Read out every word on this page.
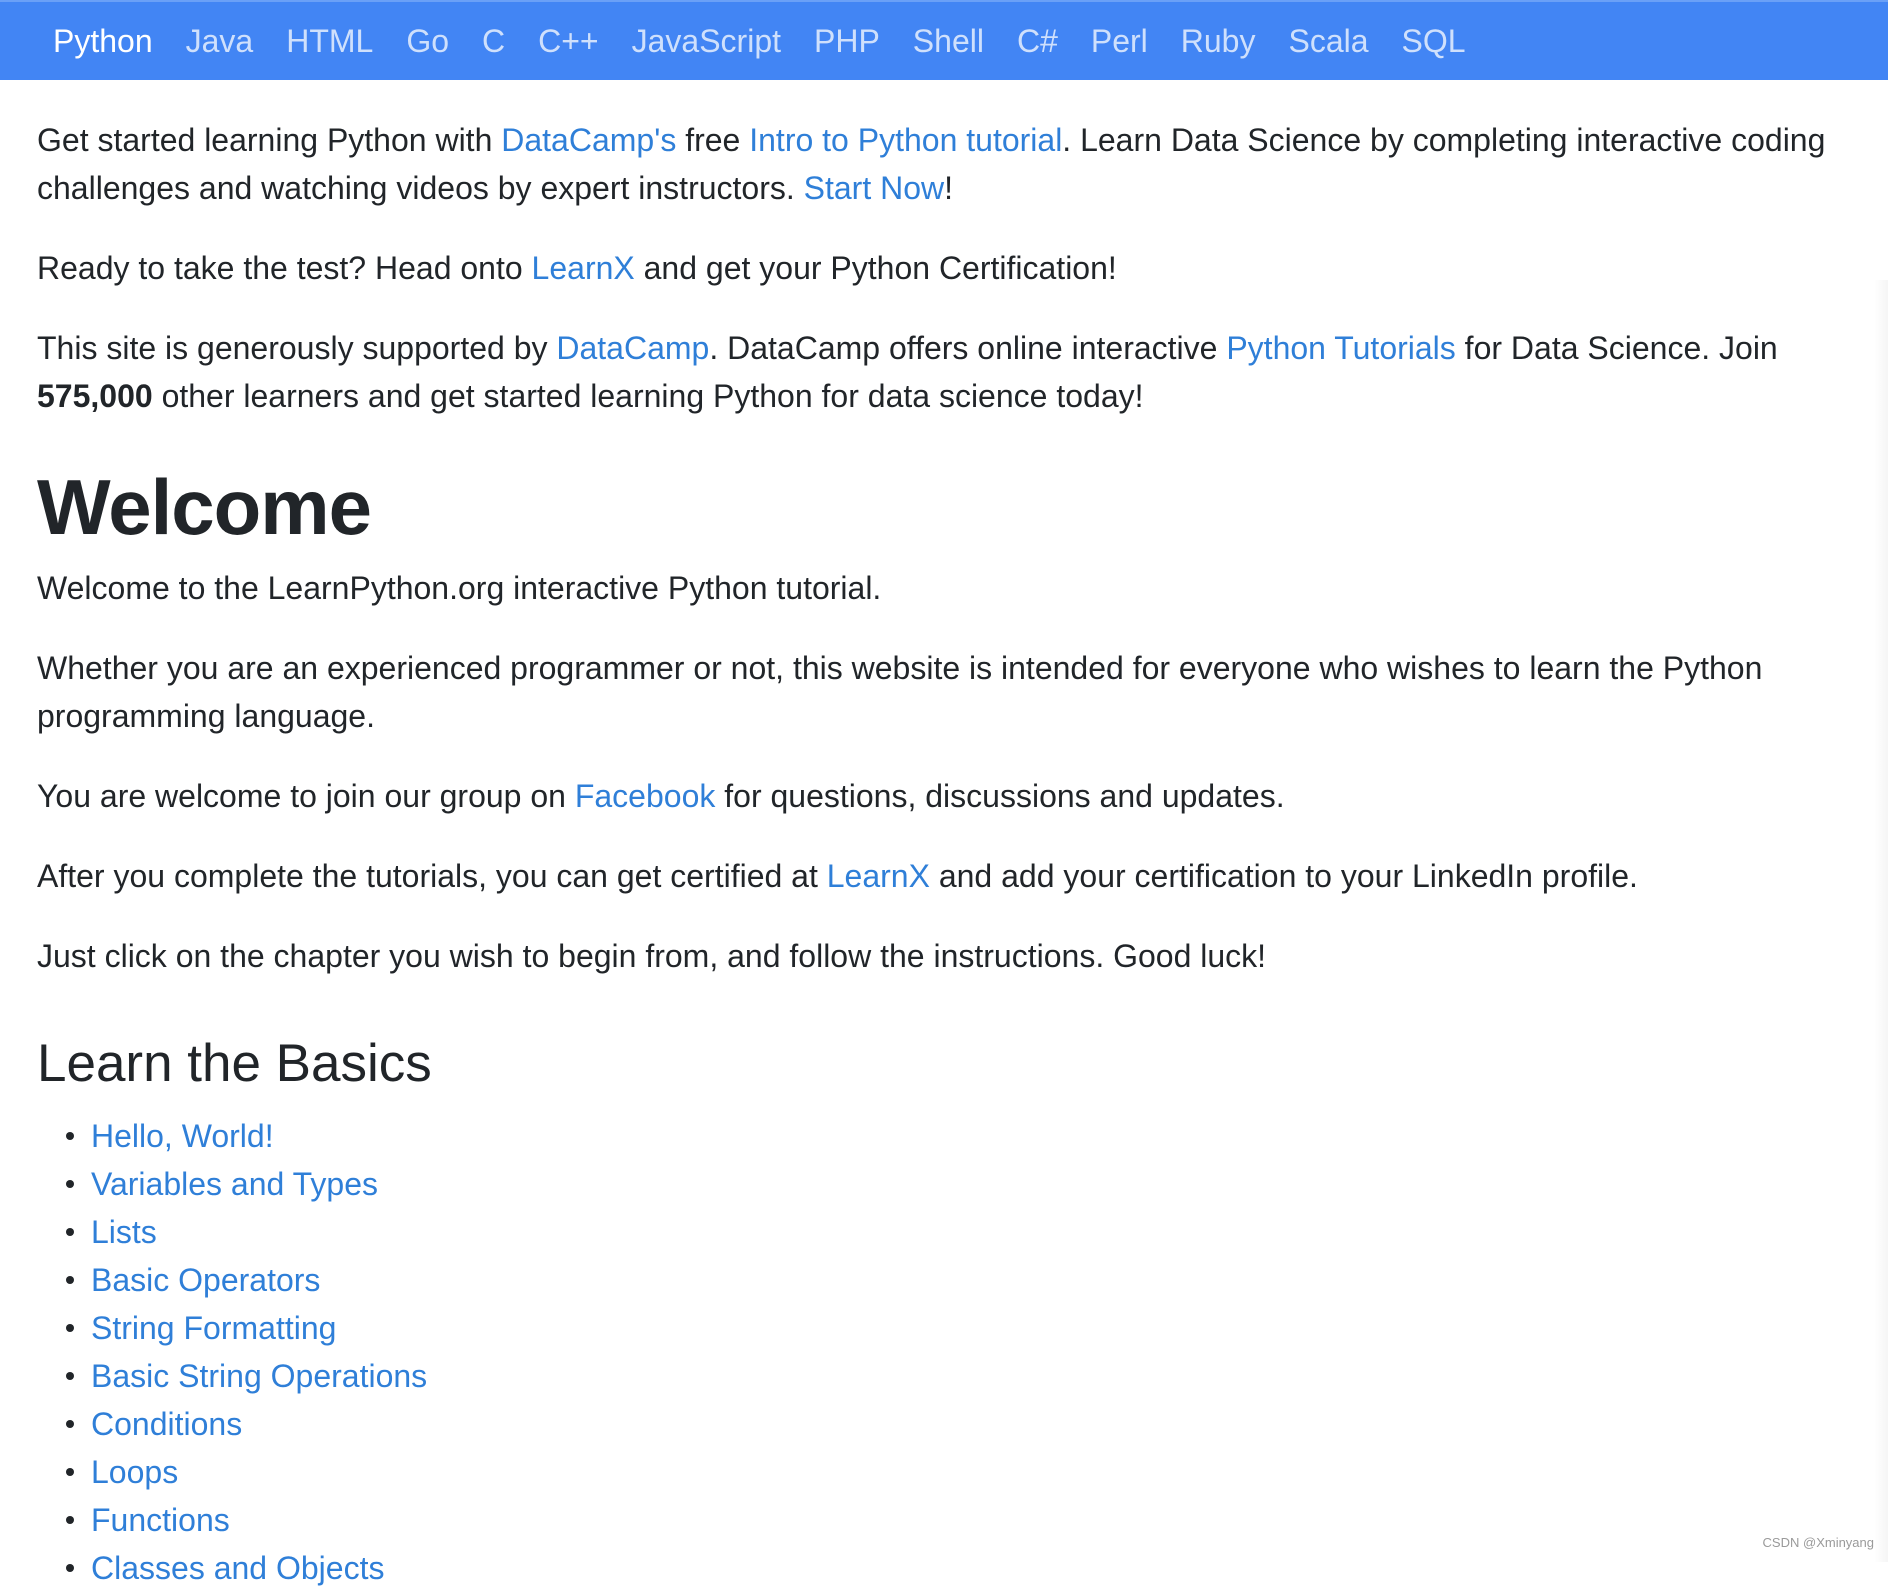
Python Java HTML Go C C++ JavaScript PHP Shell C# Perl Ruby Scala SQL

Get started learning Python with DataCamp's free Intro to Python tutorial. Learn Data Science by completing interactive coding challenges and watching videos by expert instructors. Start Now!

Ready to take the test? Head onto LearnX and get your Python Certification!

This site is generously supported by DataCamp. DataCamp offers online interactive Python Tutorials for Data Science. Join 575,000 other learners and get started learning Python for data science today!

Welcome

Welcome to the LearnPython.org interactive Python tutorial.

Whether you are an experienced programmer or not, this website is intended for everyone who wishes to learn the Python programming language.

You are welcome to join our group on Facebook for questions, discussions and updates.

After you complete the tutorials, you can get certified at LearnX and add your certification to your LinkedIn profile.

Just click on the chapter you wish to begin from, and follow the instructions. Good luck!

Learn the Basics
Hello, World!
Variables and Types
Lists
Basic Operators
String Formatting
Basic String Operations
Conditions
Loops
Functions
Classes and Objects
CSDN @Xminyang
